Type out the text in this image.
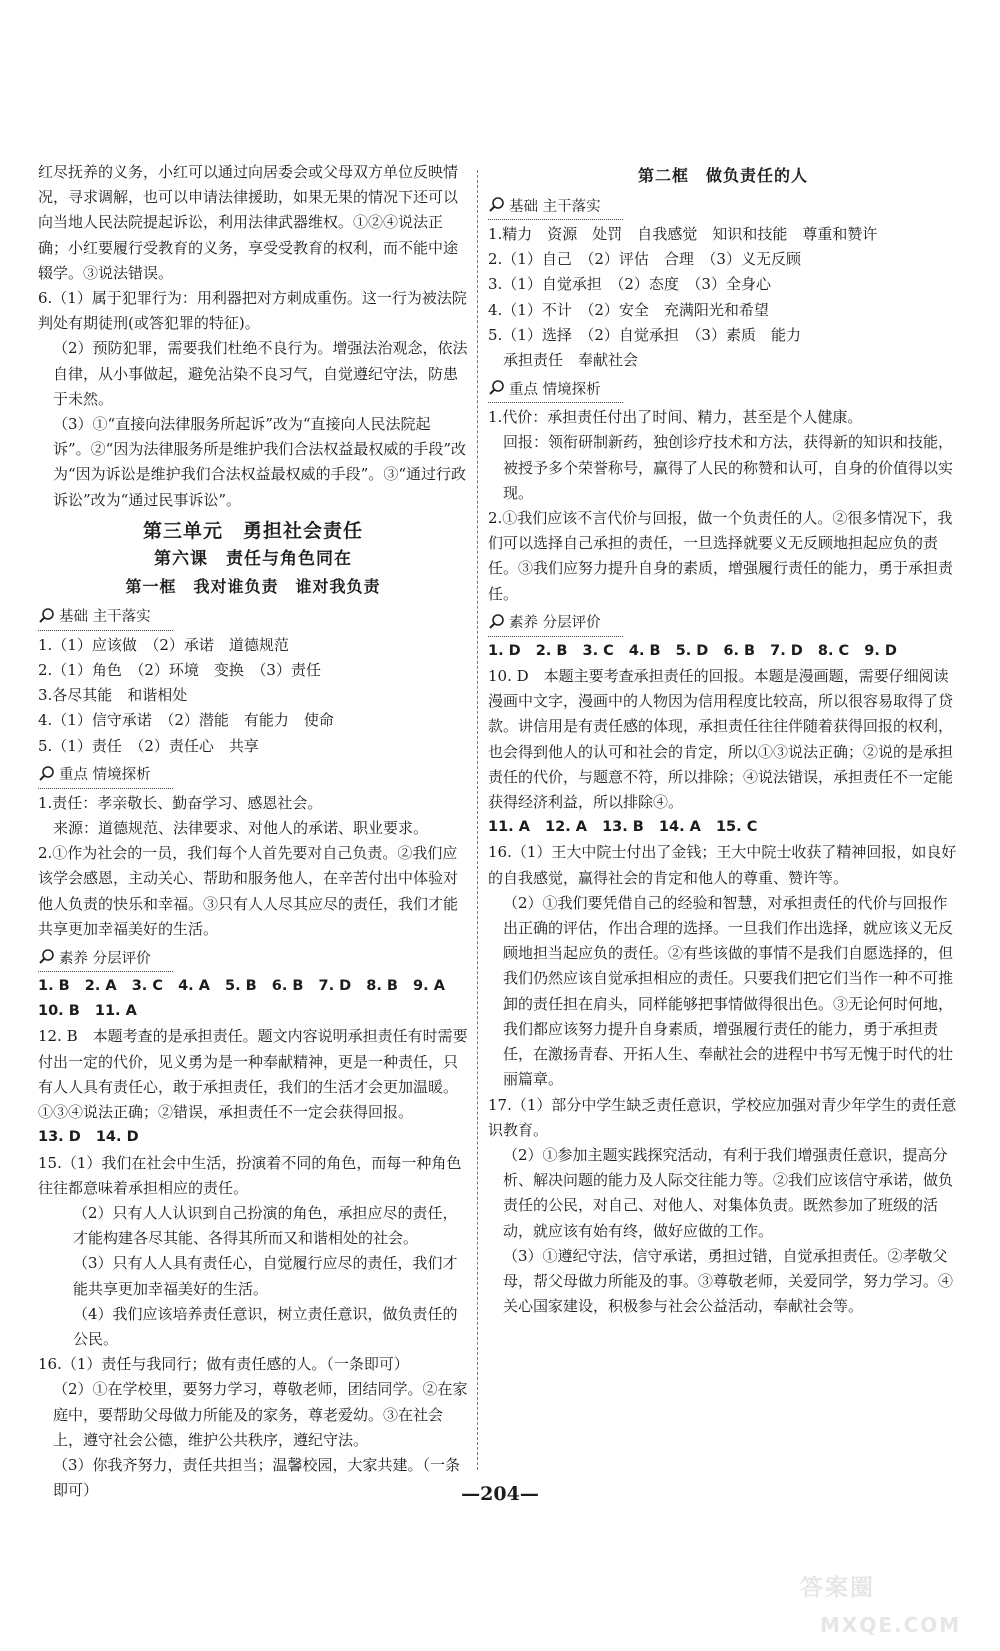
红尽抚养的义务，小红可以通过向居委会或父母双方单位反映情况，寻求调解，也可以申请法律援助，如果无果的情况下还可以向当地人民法院提起诉讼，利用法律武器维权。①②④说法正确；小红要履行受教育的义务，享受受教育的权利，而不能中途辍学。③说法错误。

6.（1）属于犯罪行为：用利器把对方刺成重伤。这一行为被法院判处有期徒刑(或答犯罪的特征)。

（2）预防犯罪，需要我们杜绝不良行为。增强法治观念，依法自律，从小事做起，避免沾染不良习气，自觉遵纪守法，防患于未然。

（3）①“直接向法律服务所起诉”改为“直接向人民法院起诉”。②“因为法律服务所是维护我们合法权益最权威的手段”改为“因为诉讼是维护我们合法权益最权威的手段”。③“通过行政诉讼”改为“通过民事诉讼”。

第三单元　勇担社会责任
第六课　责任与角色同在
第一框　我对谁负责　谁对我负责
基础 主干落实

1.（1）应该做　（2）承诺　道德规范

2.（1）角色　（2）环境　变换　（3）责任

3.各尽其能　和谐相处

4.（1）信守承诺　（2）潜能　有能力　使命

5.（1）责任　（2）责任心　共享

重点 情境探析

1.责任：孝亲敬长、勤奋学习、感恩社会。

来源：道德规范、法律要求、对他人的承诺、职业要求。

2.①作为社会的一员，我们每个人首先要对自己负责。②我们应该学会感恩，主动关心、帮助和服务他人，在辛苦付出中体验对他人负责的快乐和幸福。③只有人人尽其应尽的责任，我们才能共享更加幸福美好的生活。

素养 分层评价

1. B 2. A 3. C 4. A 5. B 6. B 7. D 8. B 9. A

10. B 11. A

12. B　本题考查的是承担责任。题文内容说明承担责任有时需要付出一定的代价，见义勇为是一种奉献精神，更是一种责任，只有人人具有责任心，敢于承担责任，我们的生活才会更加温暖。①③④说法正确；②错误，承担责任不一定会获得回报。

13. D 14. D

15.（1）我们在社会中生活，扮演着不同的角色，而每一种角色往往都意味着承担相应的责任。

（2）只有人人认识到自己扮演的角色，承担应尽的责任，才能构建各尽其能、各得其所而又和谐相处的社会。

（3）只有人人具有责任心，自觉履行应尽的责任，我们才能共享更加幸福美好的生活。

（4）我们应该培养责任意识，树立责任意识，做负责任的公民。

16.（1）责任与我同行；做有责任感的人。（一条即可）

（2）①在学校里，要努力学习，尊敬老师，团结同学。②在家庭中，要帮助父母做力所能及的家务，尊老爱幼。③在社会上，遵守社会公德，维护公共秩序，遵纪守法。

（3）你我齐努力，责任共担当；温馨校园，大家共建。（一条即可）

第二框　做负责任的人
基础 主干落实

1.精力　资源　处罚　自我感觉　知识和技能　尊重和赞许

2.（1）自己　（2）评估　合理　（3）义无反顾

3.（1）自觉承担　（2）态度　（3）全身心

4.（1）不计　（2）安全　充满阳光和希望

5.（1）选择　（2）自觉承担　（3）素质　能力

承担责任　奉献社会

重点 情境探析

1.代价：承担责任付出了时间、精力，甚至是个人健康。

回报：领衔研制新药，独创诊疗技术和方法，获得新的知识和技能，被授予多个荣誉称号，赢得了人民的称赞和认可，自身的价值得以实现。

2.①我们应该不言代价与回报，做一个负责任的人。②很多情况下，我们可以选择自己承担的责任，一旦选择就要义无反顾地担起应负的责任。③我们应努力提升自身的素质，增强履行责任的能力，勇于承担责任。

素养 分层评价

1. D 2. B 3. C 4. B 5. D 6. B 7. D 8. C 9. D

10. D　本题主要考查承担责任的回报。本题是漫画题，需要仔细阅读漫画中文字，漫画中的人物因为信用程度比较高，所以很容易取得了贷款。讲信用是有责任感的体现，承担责任往往伴随着获得回报的权利，也会得到他人的认可和社会的肯定，所以①③说法正确；②说的是承担责任的代价，与题意不符，所以排除；④说法错误，承担责任不一定能获得经济利益，所以排除④。

11. A 12. A 13. B 14. A 15. C

16.（1）王大中院士付出了金钱；王大中院士收获了精神回报，如良好的自我感觉，赢得社会的肯定和他人的尊重、赞许等。

（2）①我们要凭借自己的经验和智慧，对承担责任的代价与回报作出正确的评估，作出合理的选择。一旦我们作出选择，就应该义无反顾地担当起应负的责任。②有些该做的事情不是我们自愿选择的，但我们仍然应该自觉承担相应的责任。只要我们把它们当作一种不可推卸的责任担在肩头，同样能够把事情做得很出色。③无论何时何地，我们都应该努力提升自身素质，增强履行责任的能力，勇于承担责任，在激扬青春、开拓人生、奉献社会的进程中书写无愧于时代的壮丽篇章。

17.（1）部分中学生缺乏责任意识，学校应加强对青少年学生的责任意识教育。

（2）①参加主题实践探究活动，有利于我们增强责任意识，提高分析、解决问题的能力及人际交往能力等。②我们应该信守承诺，做负责任的公民，对自己、对他人、对集体负责。既然参加了班级的活动，就应该有始有终，做好应做的工作。

（3）①遵纪守法，信守承诺，勇担过错，自觉承担责任。②孝敬父母，帮父母做力所能及的事。③尊敬老师，关爱同学，努力学习。④关心国家建设，积极参与社会公益活动，奉献社会等。

—204—
答案圈
MXQE.COM
